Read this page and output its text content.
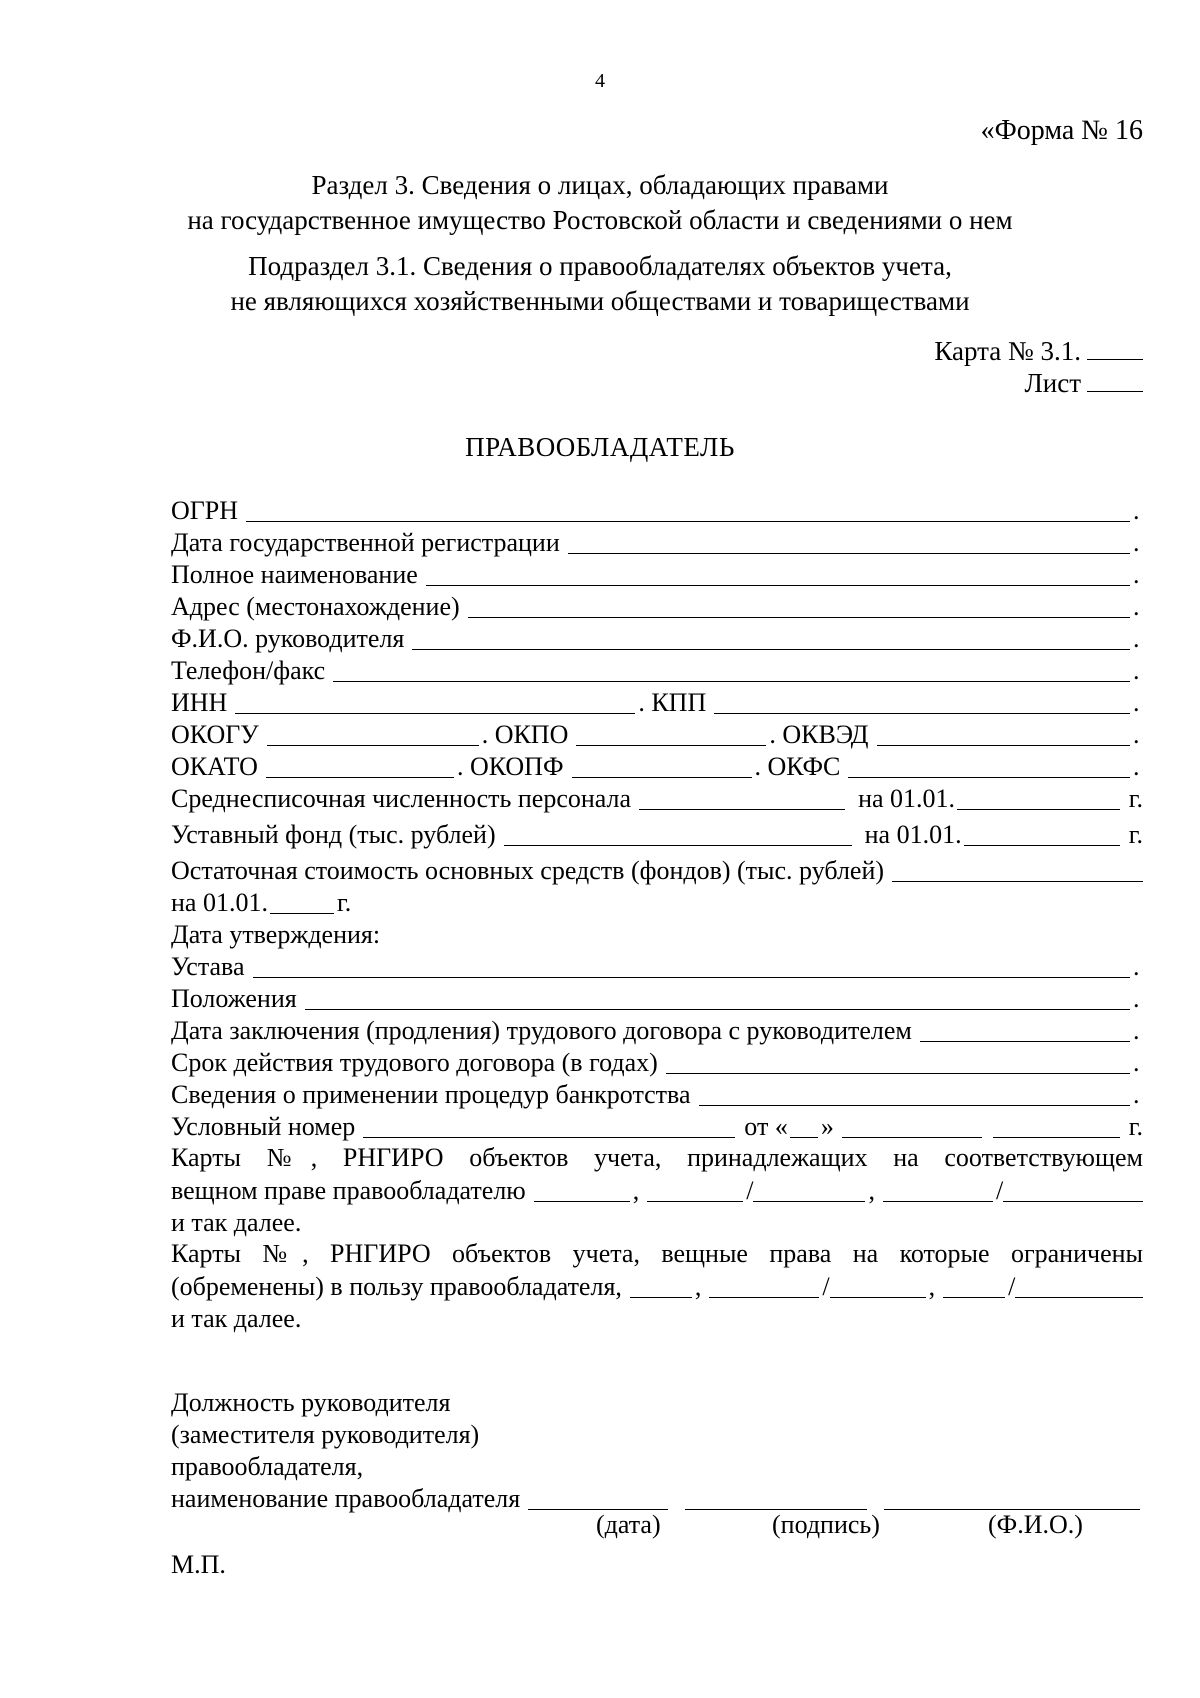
4
«Форма № 16
Раздел 3. Сведения о лицах, обладающих правами
на государственное имущество Ростовской области и сведениями о нем
Подраздел 3.1. Сведения о правообладателях объектов учета,
не являющихся хозяйственными обществами и товариществами
Карта № 3.1.
Лист
ПРАВООБЛАДАТЕЛЬ
ОГРН	.
Дата государственной регистрации	.
Полное наименование	.
Адрес (местонахождение)	.
Ф.И.О. руководителя	.
Телефон/факс	.
ИНН	. КПП	.
ОКОГУ	. ОКПО	. ОКВЭД	.
ОКАТО	. ОКОПФ	. ОКФС	.
Среднесписочная численность персонала	на 01.01.	г.
Уставный фонд (тыс. рублей)	на 01.01.	г.
Остаточная стоимость основных средств (фондов) (тыс. рублей)
на 01.01.	г.
Дата утверждения:
Устава	.
Положения	.
Дата заключения (продления) трудового договора с руководителем	.
Срок действия трудового договора (в годах)	.
Сведения о применении процедур банкротства	.
Условный номер	от « »	г.
Карты №, РНГИРО объектов учета, принадлежащих на соответствующем
вещном праве правообладателю	,	/	,	/
и так далее.
Карты №, РНГИРО объектов учета, вещные права на которые ограничены
(обременены) в пользу правообладателя,	,	/	,	/
и так далее.
Должность руководителя
(заместителя руководителя)
правообладателя,
наименование правообладателя
(дата)	(подпись)	(Ф.И.О.)
М.П.
